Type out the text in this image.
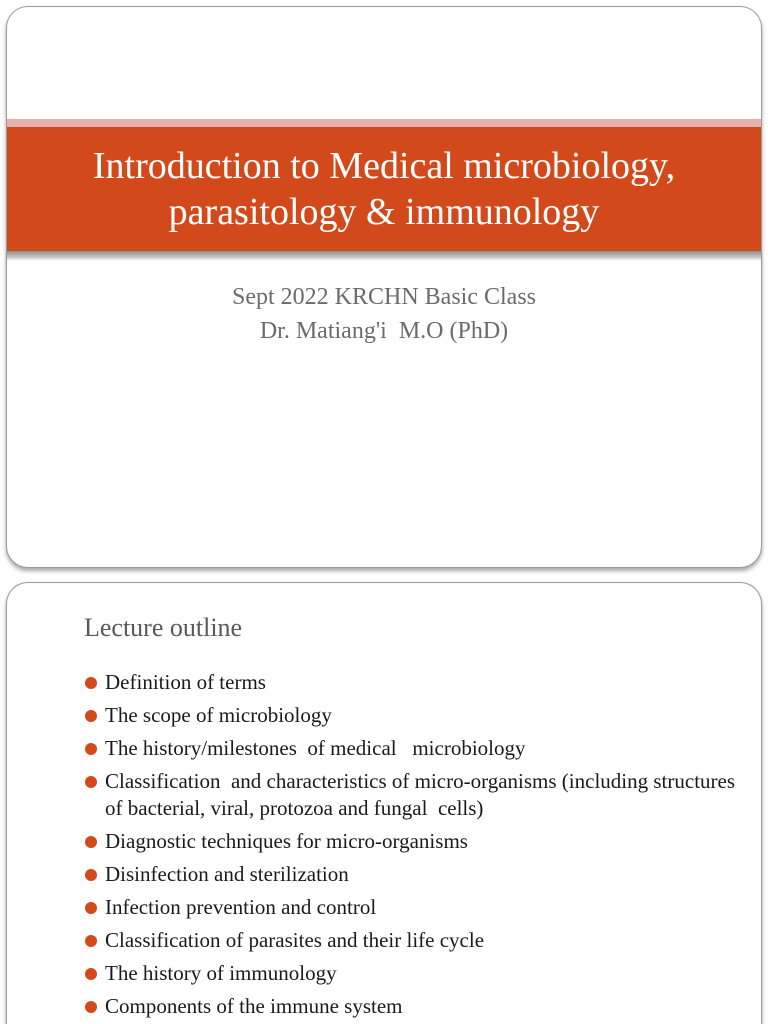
Introduction to Medical microbiology,
parasitology & immunology
Sept 2022 KRCHN Basic Class
Dr. Matiang'i  M.O (PhD)
Lecture outline
Definition of terms
The scope of microbiology
The history/milestones  of medical   microbiology
Classification  and characteristics of micro-organisms (including structures of bacterial, viral, protozoa and fungal  cells)
Diagnostic techniques for micro-organisms
Disinfection and sterilization
Infection prevention and control
Classification of parasites and their life cycle
The history of immunology
Components of the immune system
